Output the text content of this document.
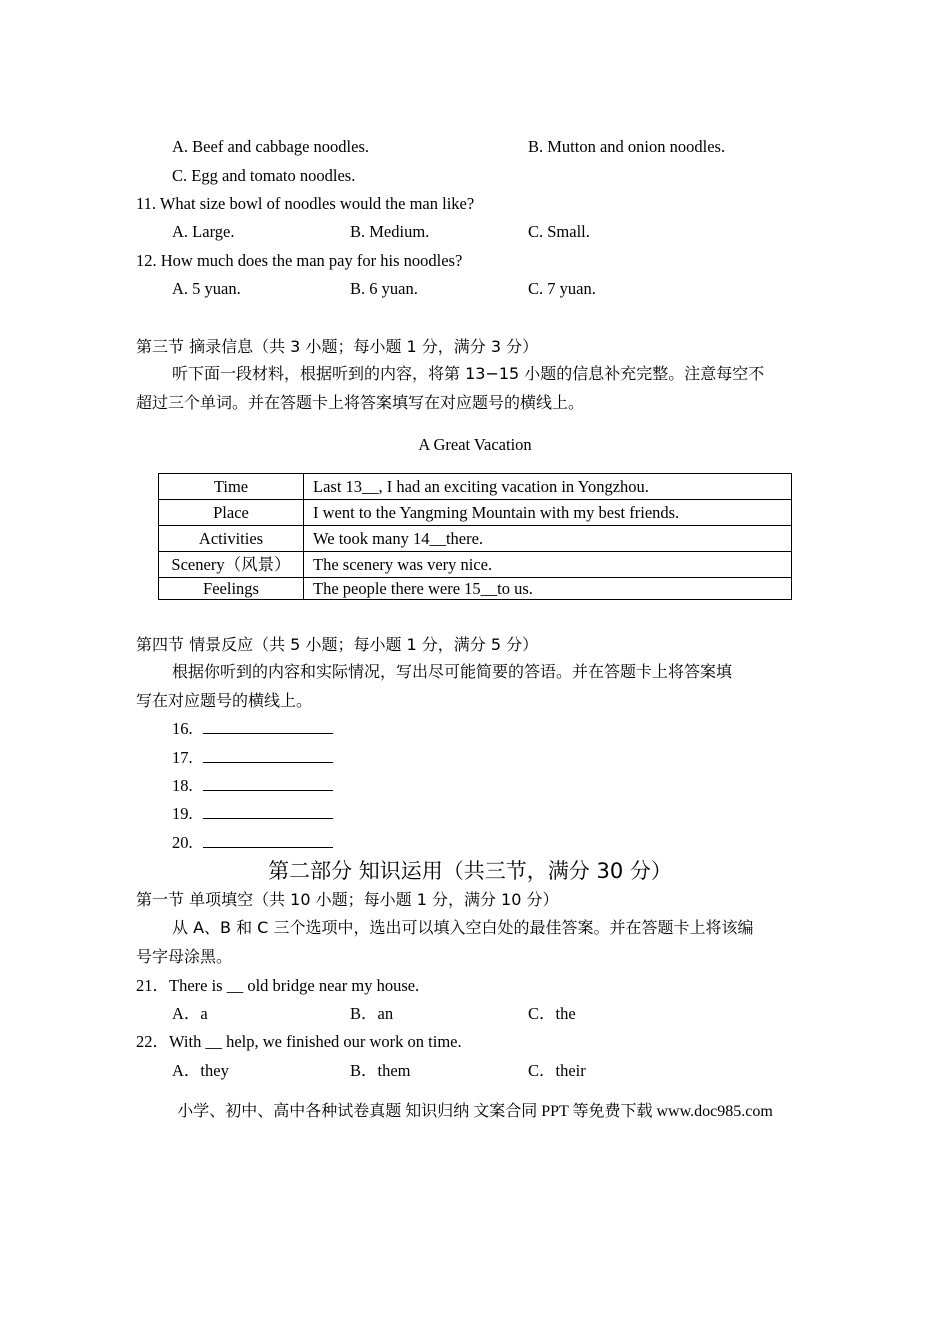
A. Beef and cabbage noodles.	B. Mutton and onion noodles.
C. Egg and tomato noodles.
11. What size bowl of noodles would the man like?
A. Large.	B. Medium.	C. Small.
12. How much does the man pay for his noodles?
A. 5 yuan.	B. 6 yuan.	C. 7 yuan.
第三节 摘录信息（共 3 小题；每小题 1 分，满分 3 分）
听下面一段材料，根据听到的内容，将第 13−15 小题的信息补充完整。注意每空不
超过三个单词。并在答题卡上将答案填写在对应题号的横线上。
A Great Vacation
Time	Last 13__, I had an exciting vacation in Yongzhou.
Place	I went to the Yangming Mountain with my best friends.
Activities	We took many 14__there.
Scenery（风景）	The scenery was very nice.
Feelings	The people there were 15__to us.
第四节 情景反应（共 5 小题；每小题 1 分，满分 5 分）
根据你听到的内容和实际情况，写出尽可能简要的答语。并在答题卡上将答案填
写在对应题号的横线上。
16.
17.
18.
19.
20.
第二部分 知识运用（共三节，满分 30 分）
第一节 单项填空（共 10 小题；每小题 1 分，满分 10 分）
从 A、B 和 C 三个选项中，选出可以填入空白处的最佳答案。并在答题卡上将该编
号字母涂黑。
21．There is __ old bridge near my house.
A．a	B．an	C．the
22．With __ help, we finished our work on time.
A．they	B．them	C．their
小学、初中、高中各种试卷真题 知识归纳 文案合同 PPT 等免费下载 www.doc985.com
